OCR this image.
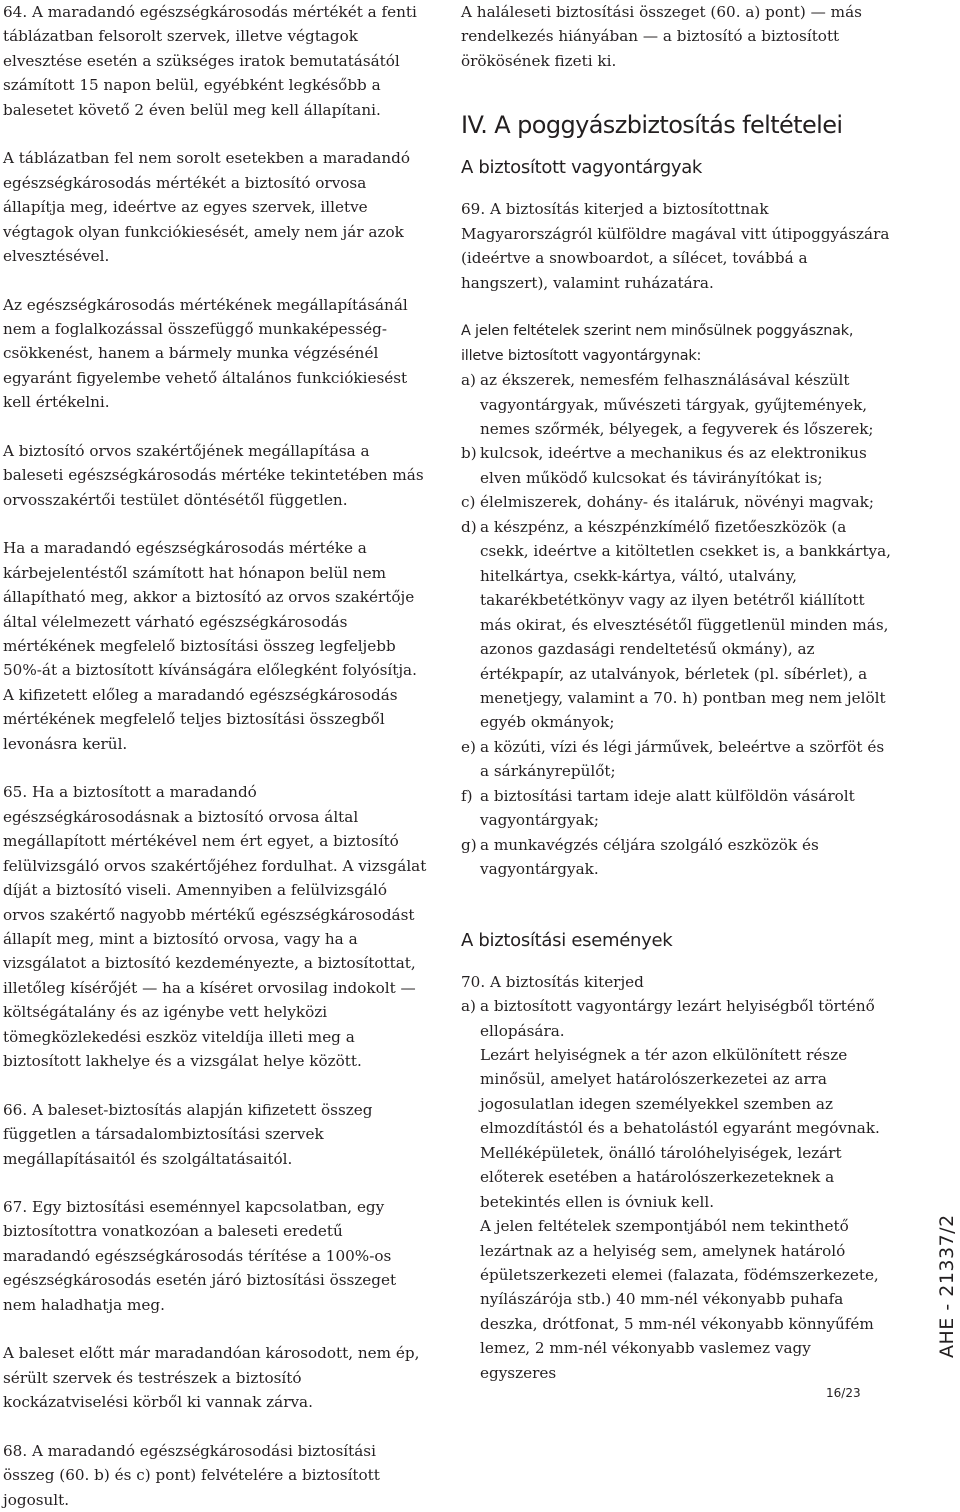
64. A maradandó egészségkárosodás mértékét a fenti táblázatban felsorolt szervek, illetve végtagok elvesztése esetén a szükséges iratok bemutatásától számított 15 napon belül, egyébként legkésőbb a balesetet követő 2 éven belül meg kell állapítani.

A táblázatban fel nem sorolt esetekben a maradandó egészségkárosodás mértékét a biztosító orvosa állapítja meg, ideértve az egyes szervek, illetve végtagok olyan funkciókiesését, amely nem jár azok elvesztésével.

Az egészségkárosodás mértékének megállapításánál nem a foglalkozással összefüggő munkaképesség-csökkenést, hanem a bármely munka végzésénél egyaránt figyelembe vehető általános funkciókiesést kell értékelni.

A biztosító orvos szakértőjének megállapítása a baleseti egészségkárosodás mértéke tekintetében más orvosszakértői testület döntésétől független.

Ha a maradandó egészségkárosodás mértéke a kárbejelentéstől számított hat hónapon belül nem állapítható meg, akkor a biztosító az orvos szakértője által vélelmezett várható egészségkárosodás mértékének megfelelő biztosítási összeg legfeljebb 50%-át a biztosított kívánságára előlegként folyósítja. A kifizetett előleg a maradandó egészségkárosodás mértékének megfelelő teljes biztosítási összegből levonásra kerül.

65. Ha a biztosított a maradandó egészségkárosodásnak a biztosító orvosa által megállapított mértékével nem ért egyet, a biztosító felülvizsgáló orvos szakértőjéhez fordulhat. A vizsgálat díját a biztosító viseli. Amennyiben a felülvizsgáló orvos szakértő nagyobb mértékű egészségkárosodást állapít meg, mint a biztosító orvosa, vagy ha a vizsgálatot a biztosító kezdeményezte, a biztosítottat, illetőleg kísérőjét — ha a kíséret orvosilag indokolt — költségátalány és az igénybe vett helyközi tömegközlekedési eszköz viteldíja illeti meg a biztosított lakhelye és a vizsgálat helye között.

66. A baleset-biztosítás alapján kifizetett összeg független a társadalombiztosítási szervek megállapításaitól és szolgáltatásaitól.

67. Egy biztosítási eseménnyel kapcsolatban, egy biztosítottra vonatkozóan a baleseti eredetű maradandó egészségkárosodás térítése a 100%-os egészségkárosodás esetén járó biztosítási összeget nem haladhatja meg.

A baleset előtt már maradandóan károsodott, nem ép, sérült szervek és testrészek a biztosító kockázatviselési körből ki vannak zárva.

68. A maradandó egészségkárosodási biztosítási összeg (60. b) és c) pont) felvételére a biztosított jogosult.

A haláleseti biztosítási összeget (60. a) pont) — más rendelkezés hiányában — a biztosító a biztosított örökösének fizeti ki.

IV. A poggyászbiztosítás feltételei
A biztosított vagyontárgyak

69. A biztosítás kiterjed a biztosítottnak Magyarországról külföldre magával vitt útipoggyászára (ideértve a snowboardot, a sílécet, továbbá a hangszert), valamint ruházatára.

A jelen feltételek szerint nem minősülnek poggyásznak, illetve biztosított vagyontárgynak:

a) az ékszerek, nemesfém felhasználásával készült vagyontárgyak, művészeti tárgyak, gyűjtemények, nemes szőrmék, bélyegek, a fegyverek és lőszerek;
b) kulcsok, ideértve a mechanikus és az elektronikus elven működő kulcsokat és távirányítókat is;
c) élelmiszerek, dohány- és italáruk, növényi magvak;
d) a készpénz, a készpénzkímélő fizetőeszközök (a csekk, ideértve a kitöltetlen csekket is, a bankkártya, hitelkártya, csekk-kártya, váltó, utalvány, takarékbetétkönyv vagy az ilyen betétről kiállított más okirat, és elvesztésétől függetlenül minden más, azonos gazdasági rendeltetésű okmány), az értékpapír, az utalványok, bérletek (pl. síbérlet), a menetjegy, valamint a 70. h) pontban meg nem jelölt egyéb okmányok;
e) a közúti, vízi és légi járművek, beleértve a szörföt és a sárkányrepülőt;
f) a biztosítási tartam ideje alatt külföldön vásárolt vagyontárgyak;
g) a munkavégzés céljára szolgáló eszközök és vagyontárgyak.
A biztosítási események

70. A biztosítás kiterjed

a) a biztosított vagyontárgy lezárt helyiségből történő ellopására.

Lezárt helyiségnek a tér azon elkülönített része minősül, amelyet határolószerkezetei az arra jogosulatlan idegen személyekkel szemben az elmozdítástól és a behatolástól egyaránt megóvnak. Melléképületek, önálló tárolóhelyiségek, lezárt előterek esetében a határolószerkezeteknek a betekintés ellen is óvniuk kell.

A jelen feltételek szempontjából nem tekinthető lezártnak az a helyiség sem, amelynek határoló épületszerkezeti elemei (falazata, födémszerkezete, nyílászárója stb.) 40 mm-nél vékonyabb puhafa deszka, drótfonat, 5 mm-nél vékonyabb könnyűfém lemez, 2 mm-nél vékonyabb vaslemez vagy egyszeres

AHE - 21337/2
16/23
